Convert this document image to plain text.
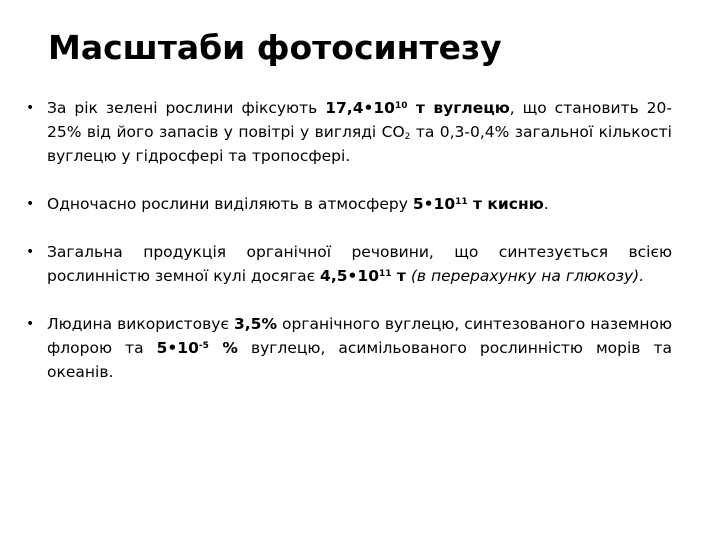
Масштаби фотосинтезу
• За рік зелені рослини фіксують $17,4•10^{10}$ т вуглецю, що становить 20-25% від його запасів у повітрі у вигляді $СО_2$ та 0,3-0,4% загальної кількості вуглецю у гідросфері та тропосфері.
• Одночасно рослини виділяють в атмосферу $5•10^{11}$ т кисню.
• Загальна продукція органічної речовини, що синтезується всією рослинністю земної кулі досягає $4,5•10^{11}$ т (в перерахунку на глюкозу).
• Людина використовує 3,5% органічного вуглецю, синтезованого наземною флорою та $5•10^{-5}$ % вуглецю, асимільованого рослинністю морів та океанів.
